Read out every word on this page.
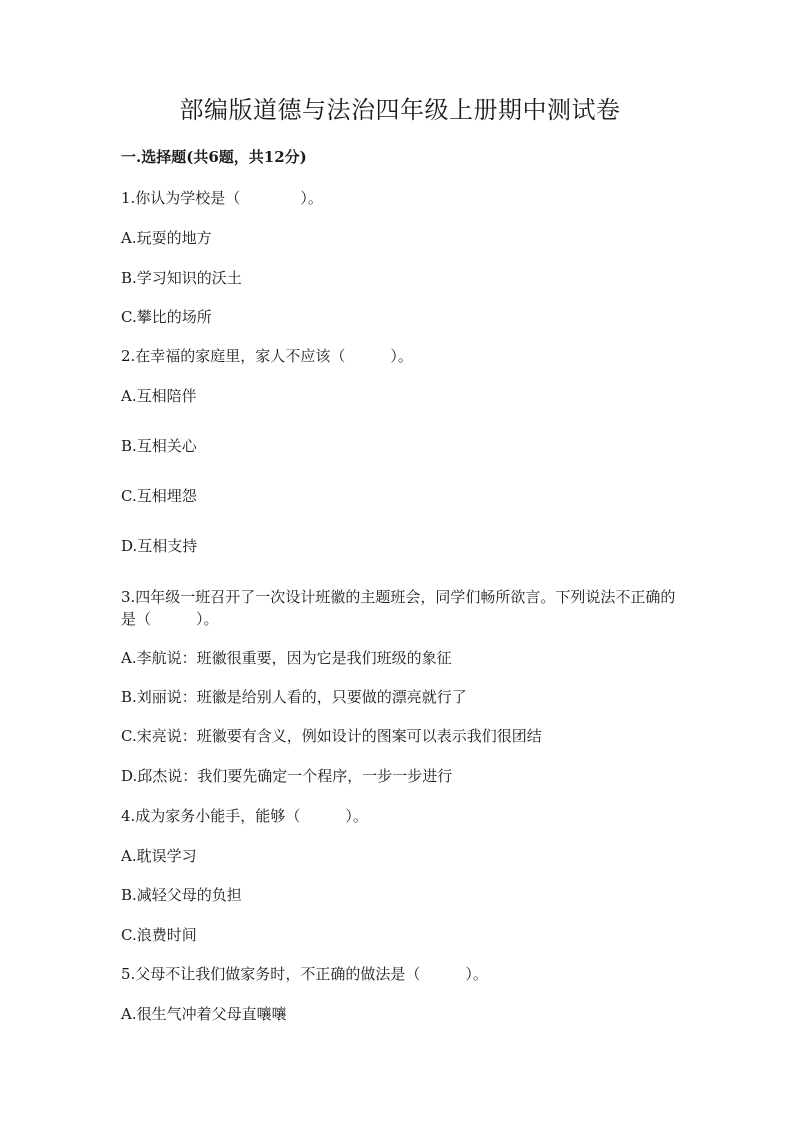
部编版道德与法治四年级上册期中测试卷

一.选择题(共6题，共12分)

1.你认为学校是（　　　　）。

A.玩耍的地方

B.学习知识的沃土

C.攀比的场所

2.在幸福的家庭里，家人不应该（　　　）。

A.互相陪伴

B.互相关心

C.互相埋怨

D.互相支持

3.四年级一班召开了一次设计班徽的主题班会，同学们畅所欲言。下列说法不正确的是（　　　）。

A.李航说：班徽很重要，因为它是我们班级的象征

B.刘丽说：班徽是给别人看的，只要做的漂亮就行了

C.宋亮说：班徽要有含义，例如设计的图案可以表示我们很团结

D.邱杰说：我们要先确定一个程序，一步一步进行

4.成为家务小能手，能够（　　　）。

A.耽误学习

B.减轻父母的负担

C.浪费时间

5.父母不让我们做家务时，不正确的做法是（　　　）。

A.很生气冲着父母直嚷嚷
